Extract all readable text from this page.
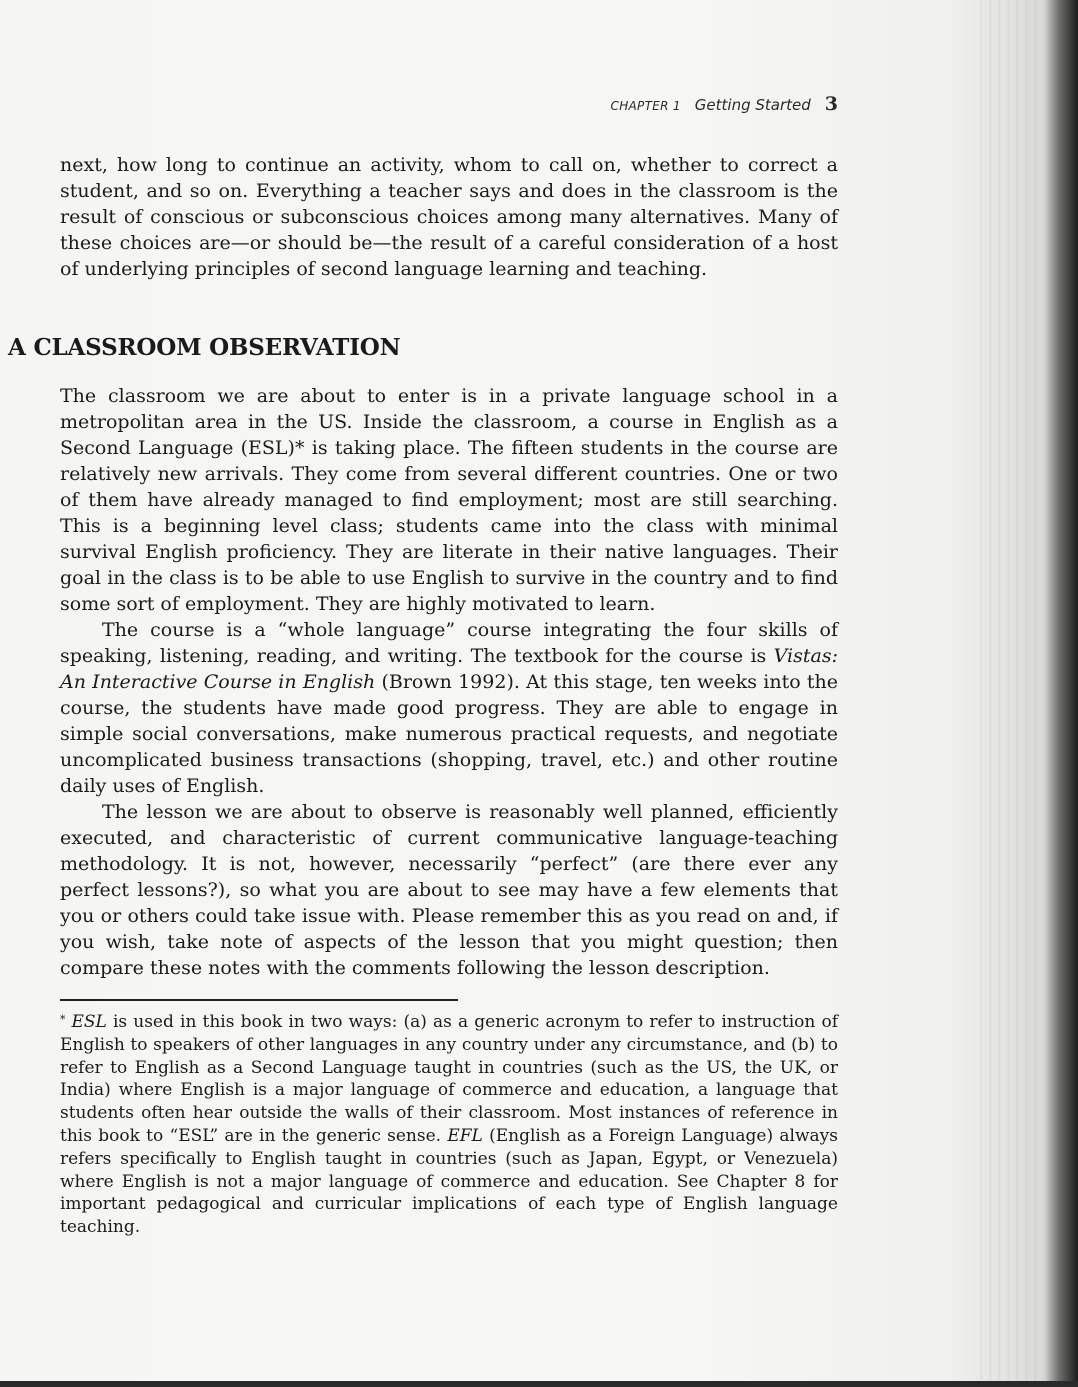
CHAPTER 1 Getting Started 3

next, how long to continue an activity, whom to call on, whether to correct a student, and so on. Everything a teacher says and does in the classroom is the result of conscious or subconscious choices among many alternatives. Many of these choices are—or should be—the result of a careful consideration of a host of underlying principles of second language learning and teaching.

A CLASSROOM OBSERVATION

The classroom we are about to enter is in a private language school in a metropolitan area in the US. Inside the classroom, a course in English as a Second Language (ESL)* is taking place. The fifteen students in the course are relatively new arrivals. They come from several different countries. One or two of them have already managed to find employment; most are still searching. This is a beginning level class; students came into the class with minimal survival English proficiency. They are literate in their native languages. Their goal in the class is to be able to use English to survive in the country and to find some sort of employment. They are highly motivated to learn.

The course is a “whole language” course integrating the four skills of speaking, listening, reading, and writing. The textbook for the course is Vistas: An Interactive Course in English (Brown 1992). At this stage, ten weeks into the course, the students have made good progress. They are able to engage in simple social conversations, make numerous practical requests, and negotiate uncomplicated business transactions (shopping, travel, etc.) and other routine daily uses of English.

The lesson we are about to observe is reasonably well planned, efficiently executed, and characteristic of current communicative language-teaching methodology. It is not, however, necessarily “perfect” (are there ever any perfect lessons?), so what you are about to see may have a few elements that you or others could take issue with. Please remember this as you read on and, if you wish, take note of aspects of the lesson that you might question; then compare these notes with the comments following the lesson description.

* ESL is used in this book in two ways: (a) as a generic acronym to refer to instruction of English to speakers of other languages in any country under any circumstance, and (b) to refer to English as a Second Language taught in countries (such as the US, the UK, or India) where English is a major language of commerce and education, a language that students often hear outside the walls of their classroom. Most instances of reference in this book to “ESL” are in the generic sense. EFL (English as a Foreign Language) always refers specifically to English taught in countries (such as Japan, Egypt, or Venezuela) where English is not a major language of commerce and education. See Chapter 8 for important pedagogical and curricular implications of each type of English language teaching.
